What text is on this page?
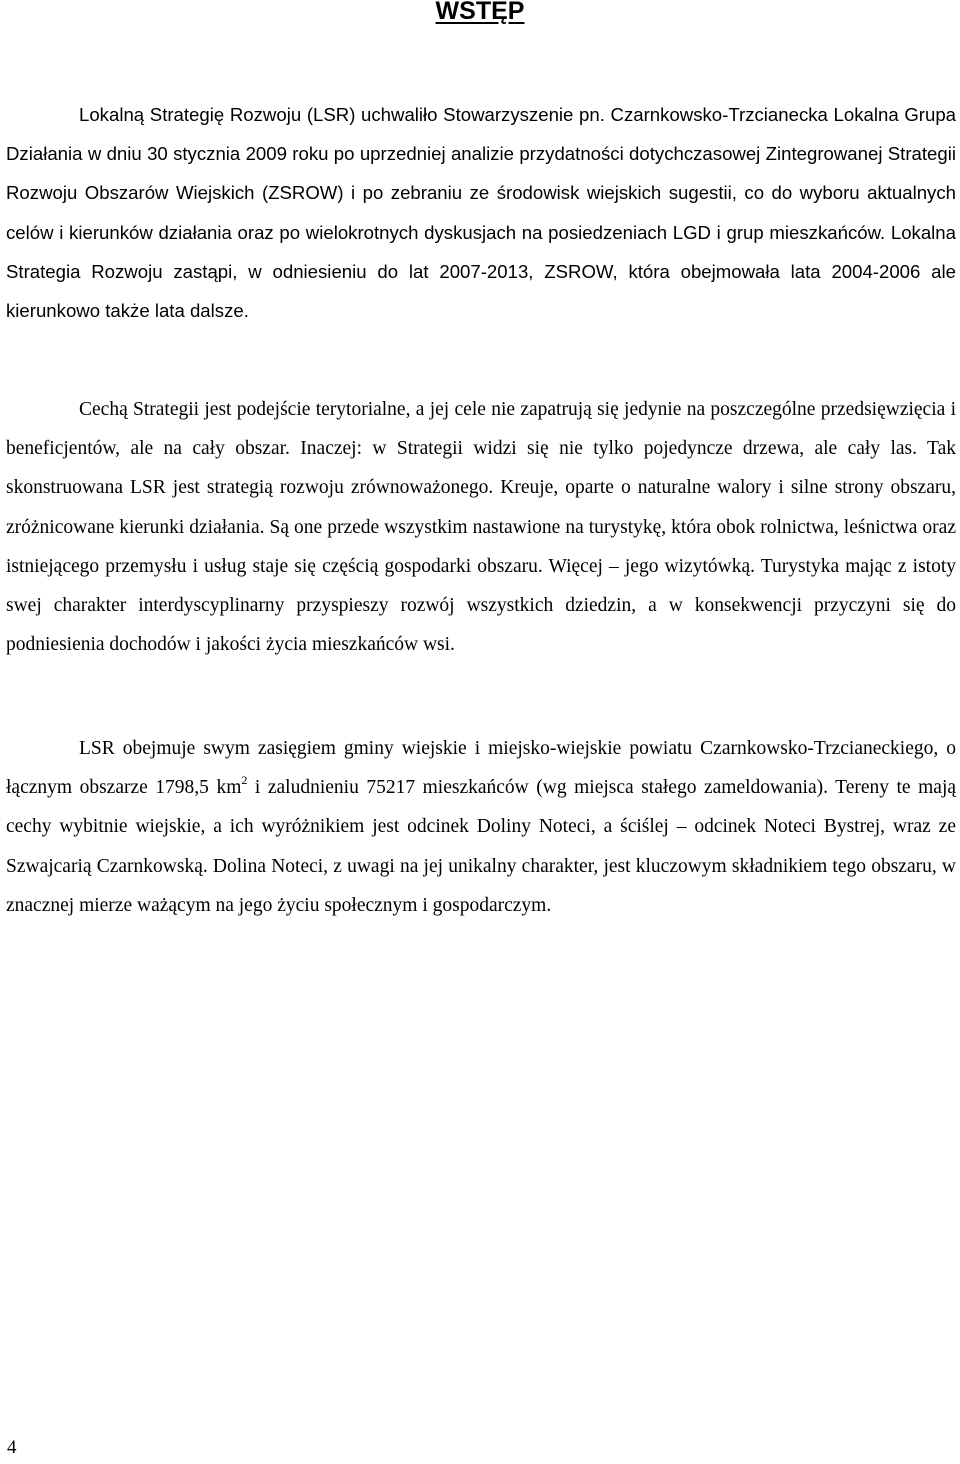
WSTĘP

Lokalną Strategię Rozwoju (LSR) uchwaliło Stowarzyszenie pn. Czarnkowsko-Trzcianecka Lokalna Grupa Działania w dniu 30 stycznia 2009 roku po uprzedniej analizie przydatności dotychczasowej Zintegrowanej Strategii Rozwoju Obszarów Wiejskich (ZSROW) i po zebraniu ze środowisk wiejskich sugestii, co do wyboru aktualnych celów i kierunków działania oraz po wielokrotnych dyskusjach na posiedzeniach LGD i grup mieszkańców. Lokalna Strategia Rozwoju zastąpi, w odniesieniu do lat 2007-2013, ZSROW, która obejmowała lata 2004-2006 ale kierunkowo także lata dalsze.

Cechą Strategii jest podejście terytorialne, a jej cele nie zapatrują się jedynie na poszczególne przedsięwzięcia i beneficjentów, ale na cały obszar. Inaczej: w Strategii widzi się nie tylko pojedyncze drzewa, ale cały las. Tak skonstruowana LSR jest strategią rozwoju zrównoważonego. Kreuje, oparte o naturalne walory i silne strony obszaru, zróżnicowane kierunki działania. Są one przede wszystkim nastawione na turystykę, która obok rolnictwa, leśnictwa oraz istniejącego przemysłu i usług staje się częścią gospodarki obszaru. Więcej – jego wizytówką. Turystyka mając z istoty swej charakter interdyscyplinarny przyspieszy rozwój wszystkich dziedzin, a w konsekwencji przyczyni się do podniesienia dochodów i jakości życia mieszkańców wsi.

LSR obejmuje swym zasięgiem gminy wiejskie i miejsko-wiejskie powiatu Czarnkowsko-Trzcianeckiego, o łącznym obszarze 1798,5 $km^2$ i zaludnieniu 75217 mieszkańców (wg miejsca stałego zameldowania). Tereny te mają cechy wybitnie wiejskie, a ich wyróżnikiem jest odcinek Doliny Noteci, a ściślej – odcinek Noteci Bystrej, wraz ze Szwajcarią Czarnkowską. Dolina Noteci, z uwagi na jej unikalny charakter, jest kluczowym składnikiem tego obszaru, w znacznej mierze ważącym na jego życiu społecznym i gospodarczym.

4
